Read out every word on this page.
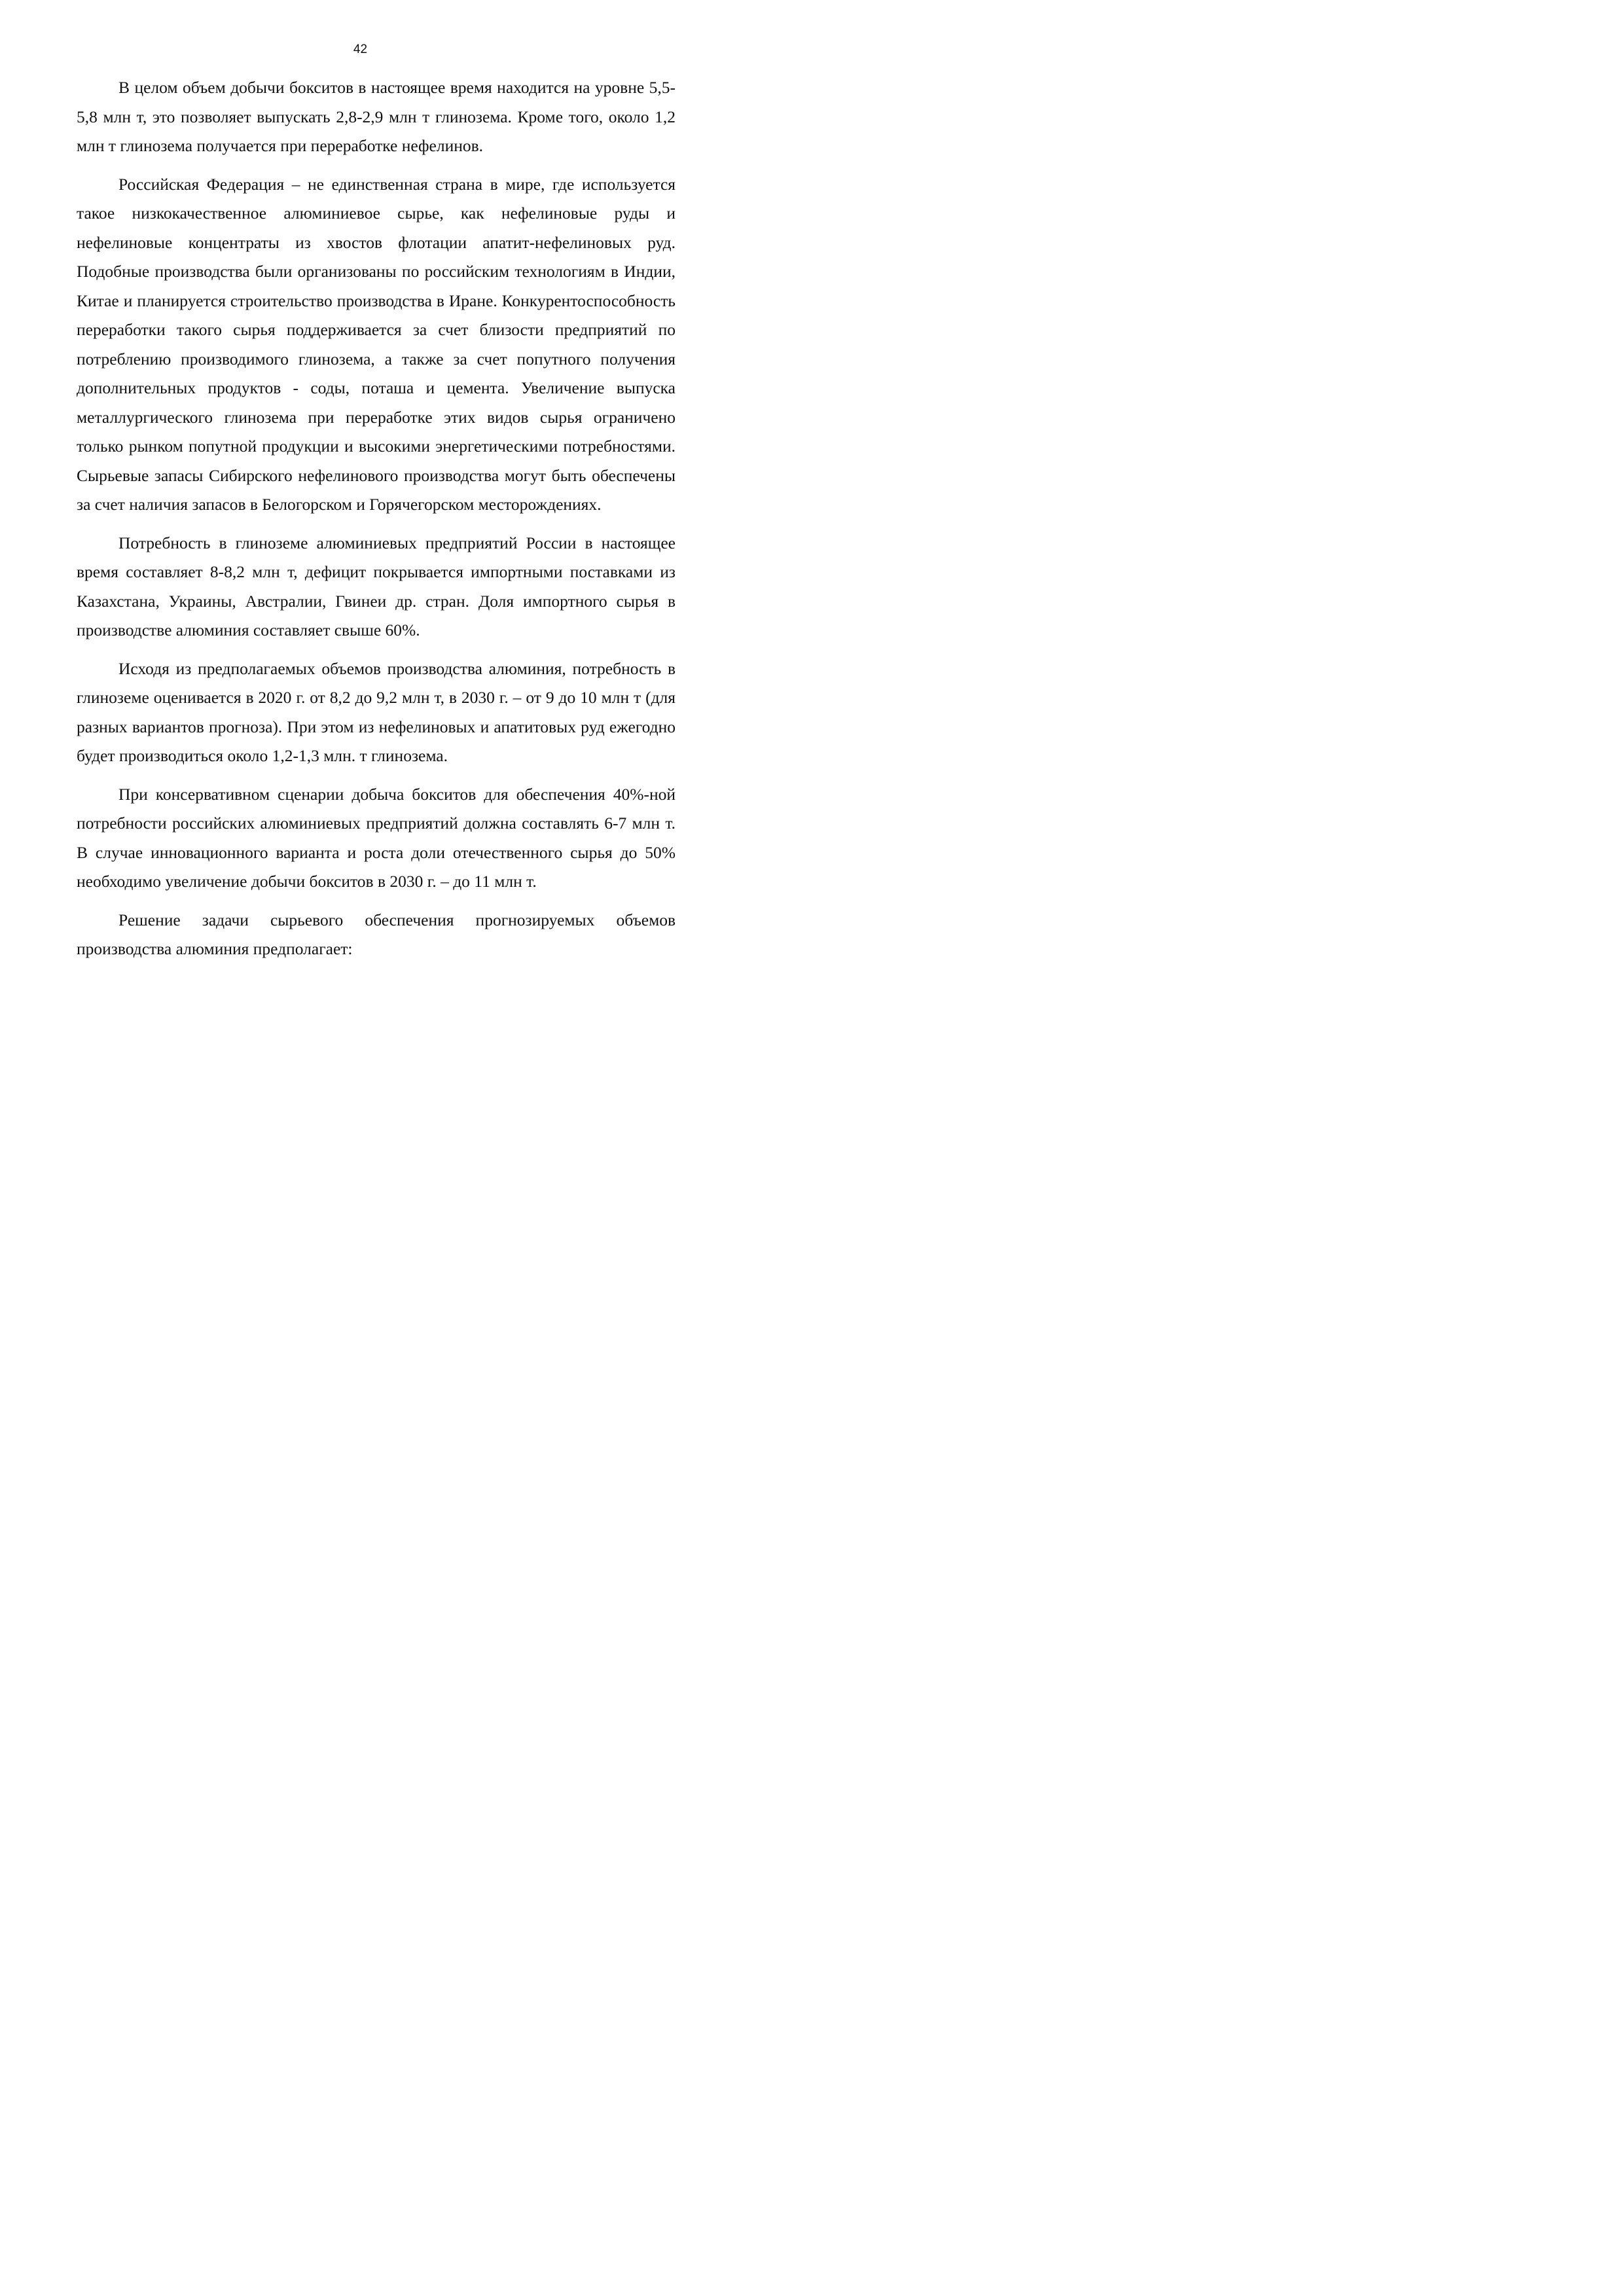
42

В целом объем добычи бокситов в настоящее время находится на уровне 5,5-5,8 млн т, это позволяет выпускать 2,8-2,9 млн т глинозема. Кроме того, около 1,2 млн т глинозема получается при переработке нефелинов.

Российская Федерация – не единственная страна в мире, где используется такое низкокачественное алюминиевое сырье, как нефелиновые руды и нефелиновые концентраты из хвостов флотации апатит-нефелиновых руд. Подобные производства были организованы по российским технологиям в Индии, Китае и планируется строительство производства в Иране. Конкурентоспособность переработки такого сырья поддерживается за счет близости предприятий по потреблению производимого глинозема, а также за счет попутного получения дополнительных продуктов - соды, поташа и цемента. Увеличение выпуска металлургического глинозема при переработке этих видов сырья ограничено только рынком попутной продукции и высокими энергетическими потребностями. Сырьевые запасы Сибирского нефелинового производства могут быть обеспечены за счет наличия запасов в Белогорском и Горячегорском месторождениях.

Потребность в глиноземе алюминиевых предприятий России в настоящее время составляет 8-8,2 млн т, дефицит покрывается импортными поставками из Казахстана, Украины, Австралии, Гвинеи др. стран. Доля импортного сырья в производстве алюминия составляет свыше 60%.

Исходя из предполагаемых объемов производства алюминия, потребность в глиноземе оценивается в 2020 г. от 8,2 до 9,2 млн т, в 2030 г. – от 9 до 10 млн т (для разных вариантов прогноза). При этом из нефелиновых и апатитовых руд ежегодно будет производиться около 1,2-1,3 млн. т глинозема.

При консервативном сценарии добыча бокситов для обеспечения 40%-ной потребности российских алюминиевых предприятий должна составлять 6-7 млн т. В случае инновационного варианта и роста доли отечественного сырья до 50% необходимо увеличение добычи бокситов в 2030 г. – до 11 млн т.

Решение задачи сырьевого обеспечения прогнозируемых объемов производства алюминия предполагает:
